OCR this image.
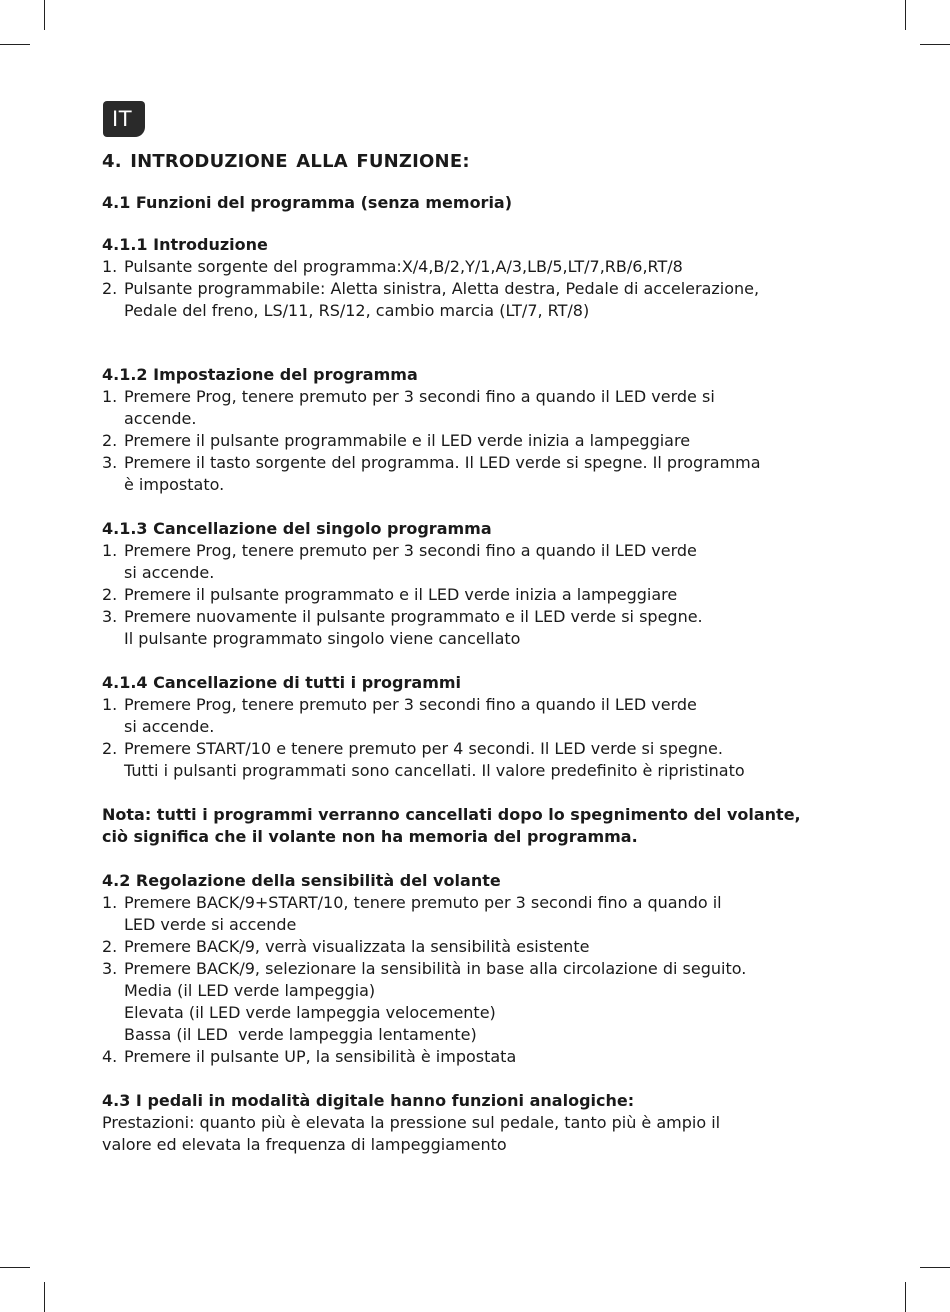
IT
4. INTRODUZIONE ALLA FUNZIONE:
4.1 Funzioni del programma (senza memoria)
4.1.1 Introduzione
1. Pulsante sorgente del programma:X/4,B/2,Y/1,A/3,LB/5,LT/7,RB/6,RT/8
2. Pulsante programmabile: Aletta sinistra, Aletta destra, Pedale di accelerazione,
Pedale del freno, LS/11, RS/12, cambio marcia (LT/7, RT/8)
4.1.2 Impostazione del programma
1. Premere Prog, tenere premuto per 3 secondi fino a quando il LED verde si
accende.
2. Premere il pulsante programmabile e il LED verde inizia a lampeggiare
3. Premere il tasto sorgente del programma. Il LED verde si spegne. Il programma
è impostato.
4.1.3 Cancellazione del singolo programma
1. Premere Prog, tenere premuto per 3 secondi fino a quando il LED verde
si accende.
2. Premere il pulsante programmato e il LED verde inizia a lampeggiare
3. Premere nuovamente il pulsante programmato e il LED verde si spegne.
Il pulsante programmato singolo viene cancellato
4.1.4 Cancellazione di tutti i programmi
1. Premere Prog, tenere premuto per 3 secondi fino a quando il LED verde
si accende.
2. Premere START/10 e tenere premuto per 4 secondi. Il LED verde si spegne.
Tutti i pulsanti programmati sono cancellati. Il valore predefinito è ripristinato
Nota: tutti i programmi verranno cancellati dopo lo spegnimento del volante,
ciò significa che il volante non ha memoria del programma.
4.2 Regolazione della sensibilità del volante
1. Premere BACK/9+START/10, tenere premuto per 3 secondi fino a quando il
LED verde si accende
2. Premere BACK/9, verrà visualizzata la sensibilità esistente
3. Premere BACK/9, selezionare la sensibilità in base alla circolazione di seguito.
Media (il LED verde lampeggia)
Elevata (il LED verde lampeggia velocemente)
Bassa (il LED  verde lampeggia lentamente)
4. Premere il pulsante UP, la sensibilità è impostata
4.3 I pedali in modalità digitale hanno funzioni analogiche:
Prestazioni: quanto più è elevata la pressione sul pedale, tanto più è ampio il
valore ed elevata la frequenza di lampeggiamento
